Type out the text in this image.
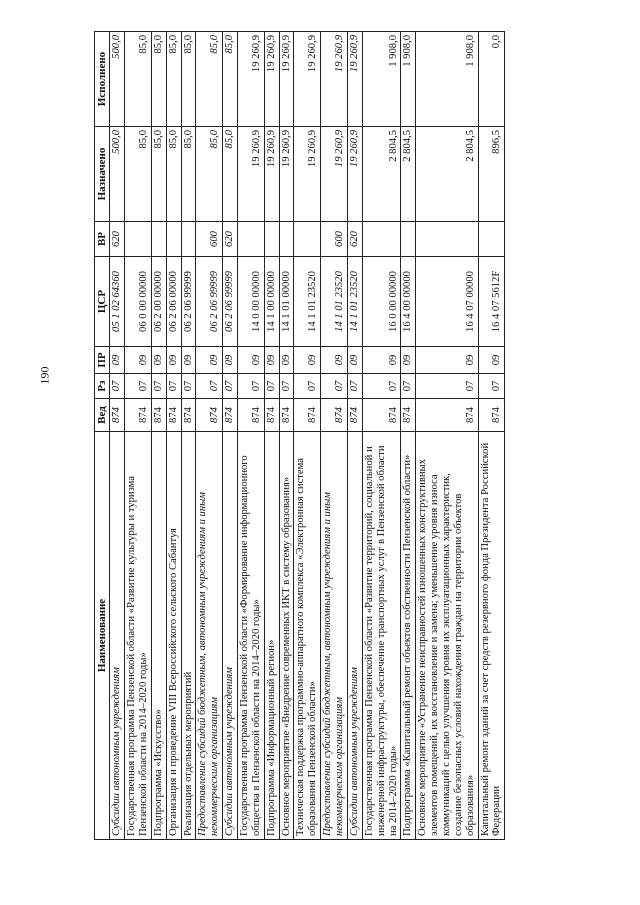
190
Наименование	Вед	Рз	ПР	ЦСР	ВР	Назначено	Исполнено
Субсидии автономным учреждениям	874	07	09	05 1 02 64360	620	500,0	500,0
Государственная программа Пензенской области «Развитие культуры и туризма Пензенской области на 2014–2020 годы»	874	07	09	06 0 00 00000		85,0	85,0
Подпрограмма «Искусство»	874	07	09	06 2 00 00000		85,0	85,0
Организация и проведение VIII Всероссийского сельского Сабантуя	874	07	09	06 2 06 00000		85,0	85,0
Реализация отдельных мероприятий	874	07	09	06 2 06 99999		85,0	85,0
Предоставление субсидий бюджетным, автономным учреждениям и иным некоммерческим организациям	874	07	09	06 2 06 99999	600	85,0	85,0
Субсидии автономным учреждениям	874	07	09	06 2 06 99999	620	85,0	85,0
Государственная программа Пензенской области «Формирование информационного общества в Пензенской области на 2014–2020 годы»	874	07	09	14 0 00 00000		19 260,9	19 260,9
Подпрограмма «Информационный регион»	874	07	09	14 1 00 00000		19 260,9	19 260,9
Основное мероприятие «Внедрение современных ИКТ в систему образования»	874	07	09	14 1 01 00000		19 260,9	19 260,9
Техническая поддержка программно-аппаратного комплекса «Электронная система образования Пензенской области»	874	07	09	14 1 01 23520		19 260,9	19 260,9
Предоставление субсидий бюджетным, автономным учреждениям и иным некоммерческим организациям	874	07	09	14 1 01 23520	600	19 260,9	19 260,9
Субсидии автономным учреждениям	874	07	09	14 1 01 23520	620	19 260,9	19 260,9
Государственная программа Пензенской области «Развитие территорий, социальной и инженерной инфраструктуры, обеспечение транспортных услуг в Пензенской области на 2014–2020 годы»	874	07	09	16 0 00 00000		2 804,5	1 908,0
Подпрограмма «Капитальный ремонт объектов собственности Пензенской области»	874	07	09	16 4 00 00000		2 804,5	1 908,0
Основное мероприятие «Устранение неисправностей изношенных конструктивных элементов помещений, их восстановление и замена; уменьшение уровня износа коммуникаций с целью улучшения уровня их эксплуатационных характеристик, создание безопасных условий нахождения граждан на территории объектов образования»	874	07	09	16 4 07 00000		2 804,5	1 908,0
Капитальный ремонт зданий за счет средств резервного фонда Президента Российской Федерации	874	07	09	16 4 07 5612F		896,5	0,0
